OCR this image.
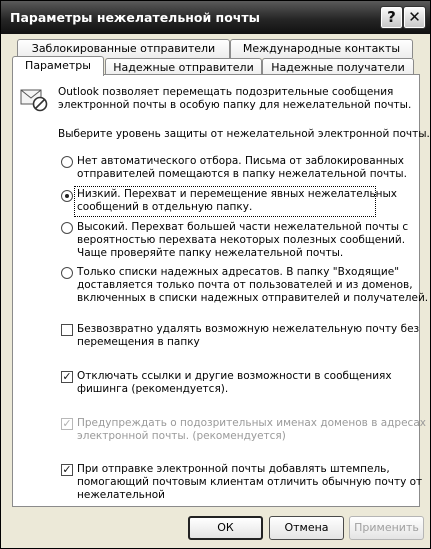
Параметры нежелательной почты	? ✕
Заблокированные отправители	Международные контакты
Параметры	Надежные отправители	Надежные получатели
Outlook позволяет перемещать подозрительные сообщения
электронной почты в особую папку для нежелательной почты.
Выберите уровень защиты от нежелательной электронной почты.
Нет автоматического отбора. Письма от заблокированных
отправителей помещаются в папку нежелательной почты.
Низкий. Перехват и перемещение явных нежелательных
сообщений в отдельную папку.
Высокий. Перехват большей части нежелательной почты с
вероятностью перехвата некоторых полезных сообщений.
Чаще проверяйте папку нежелательной почты.
Только списки надежных адресатов. В папку "Входящие"
доставляется только почта от пользователей и из доменов,
включенных в списки надежных отправителей и получателей.
Безвозвратно удалять возможную нежелательную почту без
перемещения в папку
✓ Отключать ссылки и другие возможности в сообщениях
фишинга (рекомендуется).
✓ Предупреждать о подозрительных именах доменов в адресах
электронной почты. (рекомендуется)
✓ При отправке электронной почты добавлять штемпель,
помогающий почтовым клиентам отличить обычную почту от
нежелательной
ОК	Отмена	Применить
